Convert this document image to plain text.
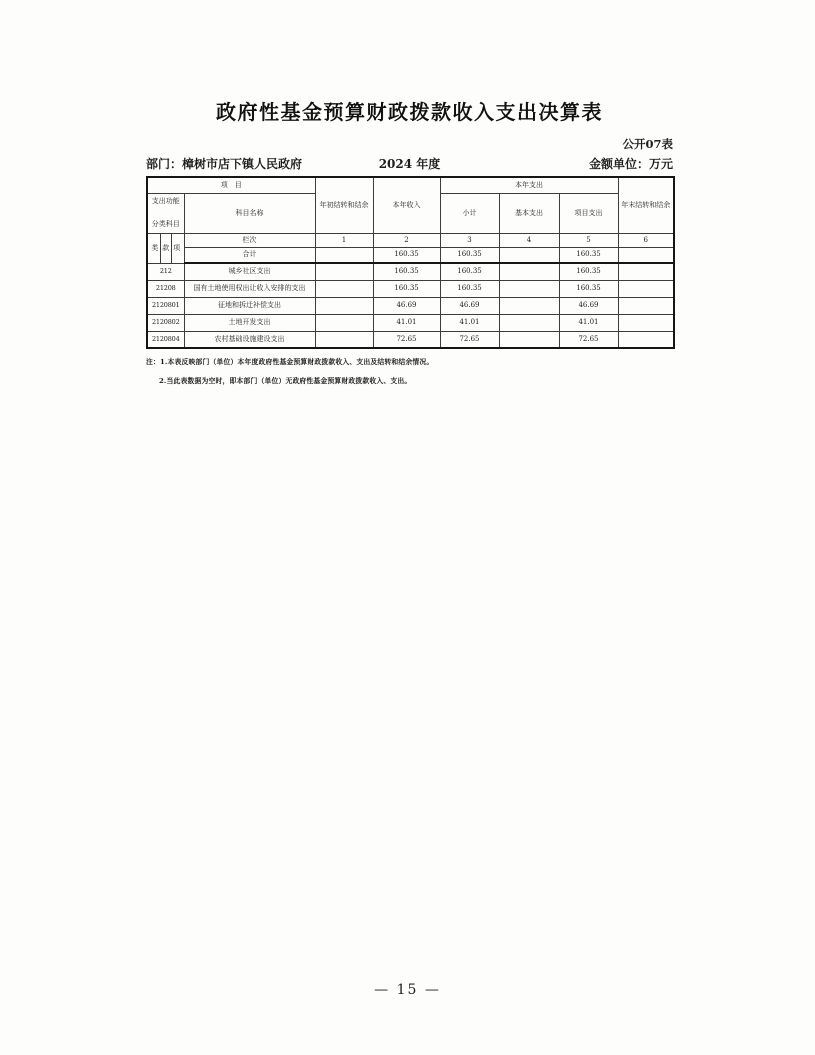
政府性基金预算财政拨款收入支出决算表
公开07表
部门：樟树市店下镇人民政府	2024 年度	金额单位：万元
项　目		年初结转和结余	本年收入	本年支出			年末结转和结余

支出功能
分类科目	科目名称			小计	基本支出	项目支出	

类 款 项	栏次	1	2	3	4	5	6
	合计		160.35	160.35		160.35	
212	城乡社区支出		160.35	160.35		160.35	
21208	国有土地使用权出让收入安排的支出		160.35	160.35		160.35	
2120801	征地和拆迁补偿支出		46.69	46.69		46.69	
2120802	土地开发支出		41.01	41.01		41.01	
2120804	农村基础设施建设支出		72.65	72.65		72.65	
注：1.本表反映部门（单位）本年度政府性基金预算财政拨款收入、支出及结转和结余情况。
2.当此表数据为空时，即本部门（单位）无政府性基金预算财政拨款收入、支出。
— 15 —
